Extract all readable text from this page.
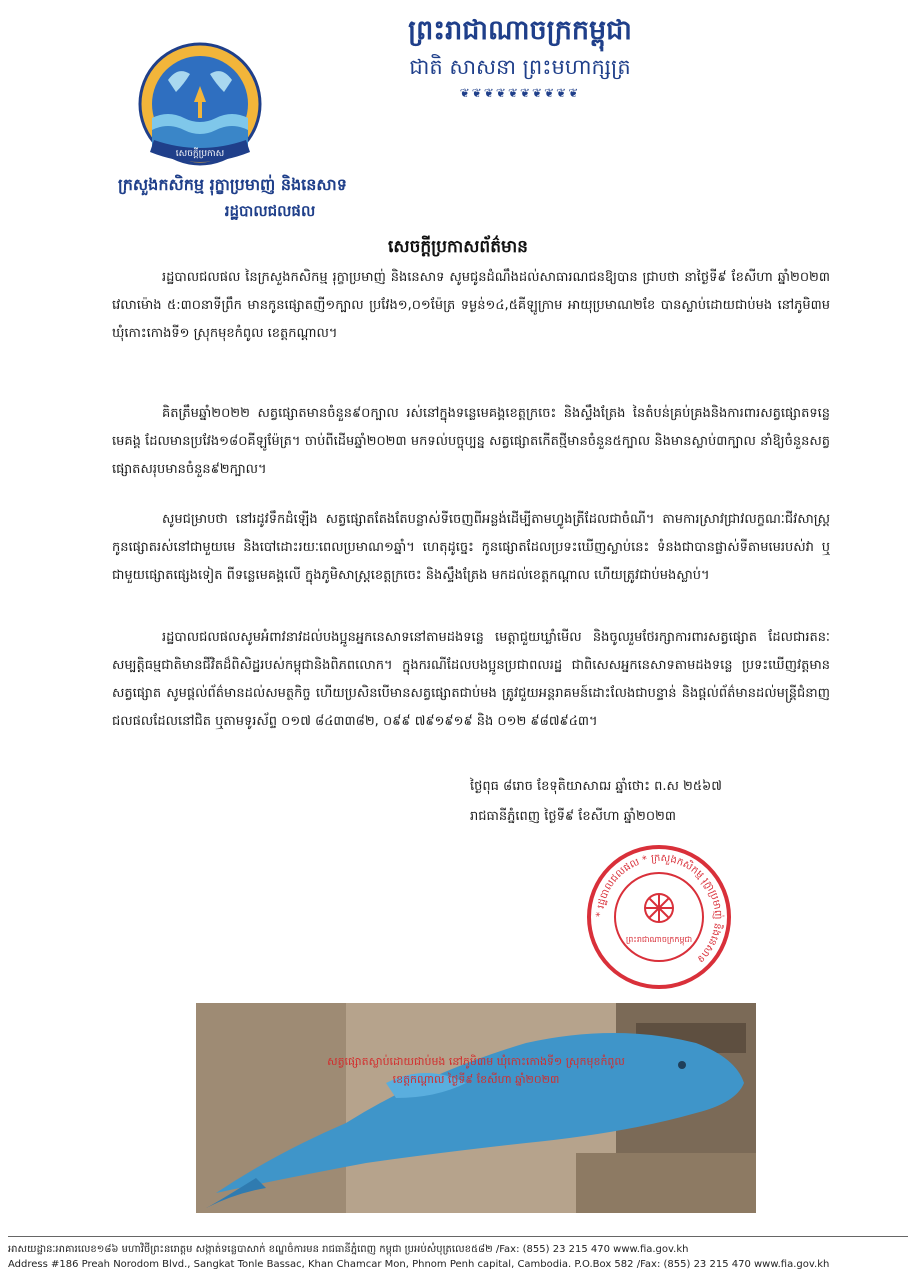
សេចក្តីប្រកាស
ព្រះរាជាណាចក្រកម្ពុជា
ជាតិ សាសនា ព្រះមហាក្សត្រ
❦❦❦❦❦❦❦❦❦❦
ក្រសួងកសិកម្ម រុក្ខាប្រមាញ់ និងនេសាទ
រដ្ឋបាលជលផល
សេចក្តីប្រកាសព័ត៌មាន
រដ្ឋបាលជលផល នៃក្រសួងកសិកម្ម រុក្ខាប្រមាញ់ និងនេសាទ សូមជូនដំណឹងដល់សាធារណជនឱ្យបាន ជ្រាបថា នាថ្ងៃទី៩ ខែសីហា ឆ្នាំ២០២៣ វេលាម៉ោង ៥:៣០នាទីព្រឹក មានកូនផ្សោតញី១ក្បាល ប្រវែង១,០១ម៉ែត្រ ទម្ងន់១៤,៥គីឡូក្រាម អាយុប្រមាណ២ខែ បានស្លាប់ដោយជាប់មង នៅភូមិ៣ម ឃុំកោះកោងទី១ ស្រុកមុខកំពូល ខេត្តកណ្តាល។
គិតត្រឹមឆ្នាំ២០២២ សត្វផ្សោតមានចំនួន៩០ក្បាល រស់នៅក្នុងទន្លេមេគង្គខេត្តក្រចេះ និងស្ទឹងត្រែង នៃតំបន់គ្រប់គ្រងនិងការពារសត្វផ្សោតទន្លេមេគង្គ ដែលមានប្រវែង១៨០គីឡូម៉ែត្រ។ ចាប់ពីដើមឆ្នាំ២០២៣ មកទល់បច្ចុប្បន្ន សត្វផ្សោតកើតថ្មីមានចំនួន៥ក្បាល និងមានស្លាប់៣ក្បាល នាំឱ្យចំនួនសត្វផ្សោតសរុបមានចំនួន៩២ក្បាល។
សូមជម្រាបថា នៅរដូវទឹកដំឡើង សត្វផ្សោតតែងតែបន្លាស់ទីចេញពីអន្លង់ដើម្បីតាមហ្វូងត្រីដែលជាចំណី។ តាមការស្រាវជ្រាវលក្ខណៈជីវសាស្ត្រ កូនផ្សោតរស់នៅជាមួយមេ និងបៅដោះរយៈពេលប្រមាណ១ឆ្នាំ។ ហេតុដូច្នេះ កូនផ្សោតដែលប្រទះឃើញស្លាប់នេះ ទំនងជាបានផ្លាស់ទីតាមមេរបស់វា ឬជាមួយផ្សោតផ្សេងទៀត ពីទន្លេមេគង្គលើ ក្នុងភូមិសាស្ត្រខេត្តក្រចេះ និងស្ទឹងត្រែង មកដល់ខេត្តកណ្តាល ហើយត្រូវជាប់មងស្លាប់។
រដ្ឋបាលជលផលសូមអំពាវនាវដល់បងប្អូនអ្នកនេសាទនៅតាមដងទន្លេ មេត្តាជួយឃ្លាំមើល និងចូលរួមថែរក្សាការពារសត្វផ្សោត ដែលជារតនៈសម្បត្តិធម្មជាតិមានជីវិតដ៏ពិសិដ្ឋរបស់កម្ពុជានិងពិភពលោក។ ក្នុងករណីដែលបងប្អូនប្រជាពលរដ្ឋ ជាពិសេសអ្នកនេសាទតាមដងទន្លេ ប្រទះឃើញវត្តមានសត្វផ្សោត សូមផ្តល់ព័ត៌មានដល់សមត្ថកិច្ច ហើយប្រសិនបើមានសត្វផ្សោតជាប់មង ត្រូវជួយអន្តរាគមន៍ដោះលែងជាបន្ទាន់ និងផ្តល់ព័ត៌មានដល់មន្ត្រីជំនាញជលផលដែលនៅជិត ឬតាមទូរស័ព្ទ ០១៧ ៨៤៣៣៨២, ០៩៩ ៧៩១៩១៩ និង ០១២ ៩៨៧៩៤៣។
ថ្ងៃពុធ ៨រោច ខែទុតិយាសាឍ ឆ្នាំថោះ ព.ស ២៥៦៧
រាជធានីភ្នំពេញ ថ្ងៃទី៩ ខែសីហា ឆ្នាំ២០២៣
* រដ្ឋបាលជលផល * ក្រសួងកសិកម្ម រុក្ខាប្រមាញ់ និងនេសាទ
ព្រះរាជាណាចក្រកម្ពុជា
សត្វផ្សោតស្លាប់ដោយជាប់មង នៅភូមិ៣ម ឃុំកោះកោងទី១ ស្រុកមុខកំពូល
ខេត្តកណ្តាល ថ្ងៃទី៩ ខែសីហា ឆ្នាំ២០២៣
អាសយដ្ឋានៈអាគារលេខ១៨៦ មហាវិថីព្រះនរោត្តម សង្កាត់ទន្លេបាសាក់ ខណ្ឌចំការមន រាជធានីភ្នំពេញ កម្ពុជា ប្រអប់សំបុត្រលេខ៥៨២ /Fax: (855) 23 215 470 www.fia.gov.kh
Address #186 Preah Norodom Blvd., Sangkat Tonle Bassac, Khan Chamcar Mon, Phnom Penh capital, Cambodia. P.O.Box 582 /Fax: (855) 23 215 470 www.fia.gov.kh
